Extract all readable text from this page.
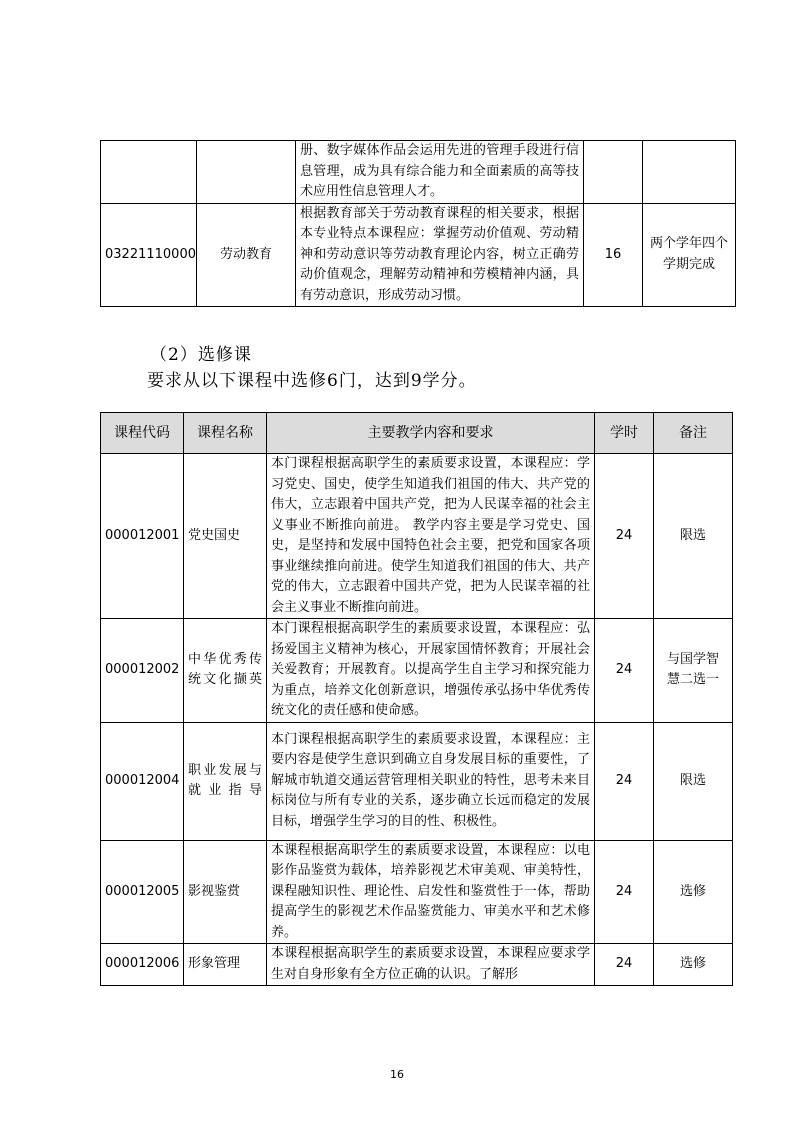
		册、数字媒体作品会运用先进的管理手段进行信息管理，成为具有综合能力和全面素质的高等技术应用性信息管理人才。		
03221110000	劳动教育	根据教育部关于劳动教育课程的相关要求，根据本专业特点本课程应：掌握劳动价值观、劳动精神和劳动意识等劳动教育理论内容，树立正确劳动价值观念，理解劳动精神和劳模精神内涵，具有劳动意识，形成劳动习惯。	16	两个学年四个学期完成
（2）选修课
要求从以下课程中选修6门，达到9学分。
课程代码	课程名称	主要教学内容和要求	学时	备注
000012001	党史国史	本门课程根据高职学生的素质要求设置，本课程应：学习党史、国史，使学生知道我们祖国的伟大、共产党的伟大，立志跟着中国共产党，把为人民谋幸福的社会主义事业不断推向前进。 教学内容主要是学习党史、国史，是坚持和发展中国特色社会主要，把党和国家各项事业继续推向前进。使学生知道我们祖国的伟大、共产党的伟大，立志跟着中国共产党，把为人民谋幸福的社会主义事业不断推向前进。	24	限选
000012002	中华优秀传统文化撷英	本门课程根据高职学生的素质要求设置，本课程应：弘扬爱国主义精神为核心，开展家国情怀教育；开展社会关爱教育；开展教育。以提高学生自主学习和探究能力为重点，培养文化创新意识，增强传承弘扬中华优秀传统文化的责任感和使命感。	24	与国学智慧二选一
000012004	职业发展与就业指导	本门课程根据高职学生的素质要求设置，本课程应：主要内容是使学生意识到确立自身发展目标的重要性，了解城市轨道交通运营管理相关职业的特性，思考未来目标岗位与所有专业的关系，逐步确立长远而稳定的发展目标，增强学生学习的目的性、积极性。	24	限选
000012005	影视鉴赏	本课程根据高职学生的素质要求设置，本课程应：以电影作品鉴赏为载体，培养影视艺术审美观、审美特性，课程融知识性、理论性、启发性和鉴赏性于一体，帮助提高学生的影视艺术作品鉴赏能力、审美水平和艺术修养。	24	选修
000012006	形象管理	本课程根据高职学生的素质要求设置，本课程应要求学生对自身形象有全方位正确的认识。了解形	24	选修
16
